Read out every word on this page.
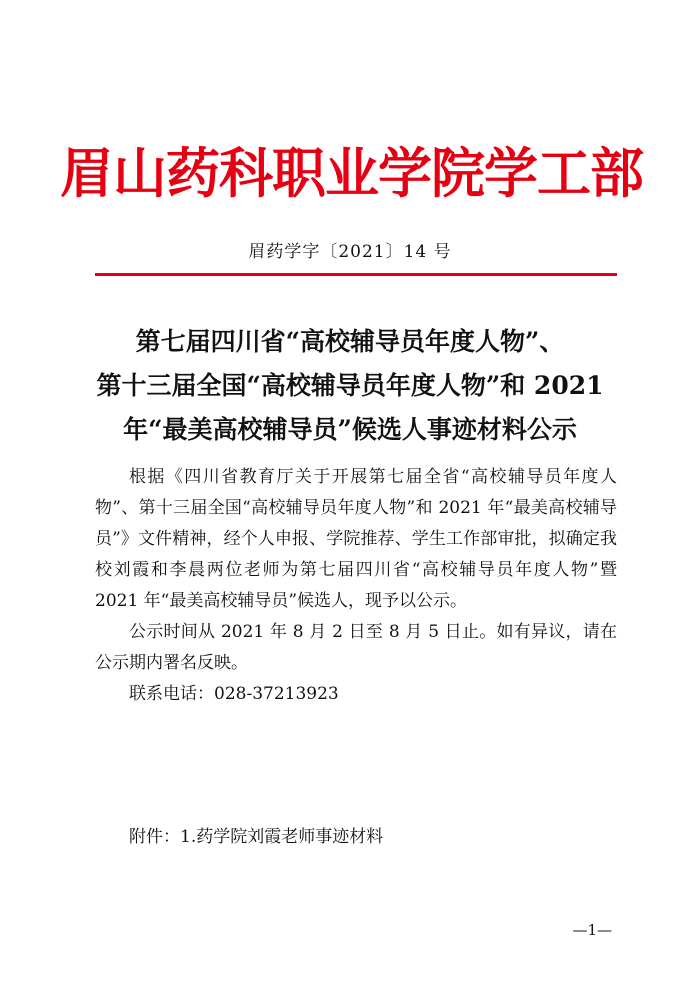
眉山药科职业学院学工部
眉药学字〔2021〕14 号
第七届四川省“高校辅导员年度人物”、
第十三届全国“高校辅导员年度人物”和 2021
年“最美高校辅导员”候选人事迹材料公示

根据《四川省教育厅关于开展第七届全省“高校辅导员年度人物”、第十三届全国“高校辅导员年度人物”和 2021 年“最美高校辅导员”》文件精神，经个人申报、学院推荐、学生工作部审批，拟确定我校刘霞和李晨两位老师为第七届四川省“高校辅导员年度人物”暨 2021 年“最美高校辅导员”候选人，现予以公示。

公示时间从 2021 年 8 月 2 日至 8 月 5 日止。如有异议，请在公示期内署名反映。

联系电话：028-37213923

附件：1.药学院刘霞老师事迹材料
—1—
